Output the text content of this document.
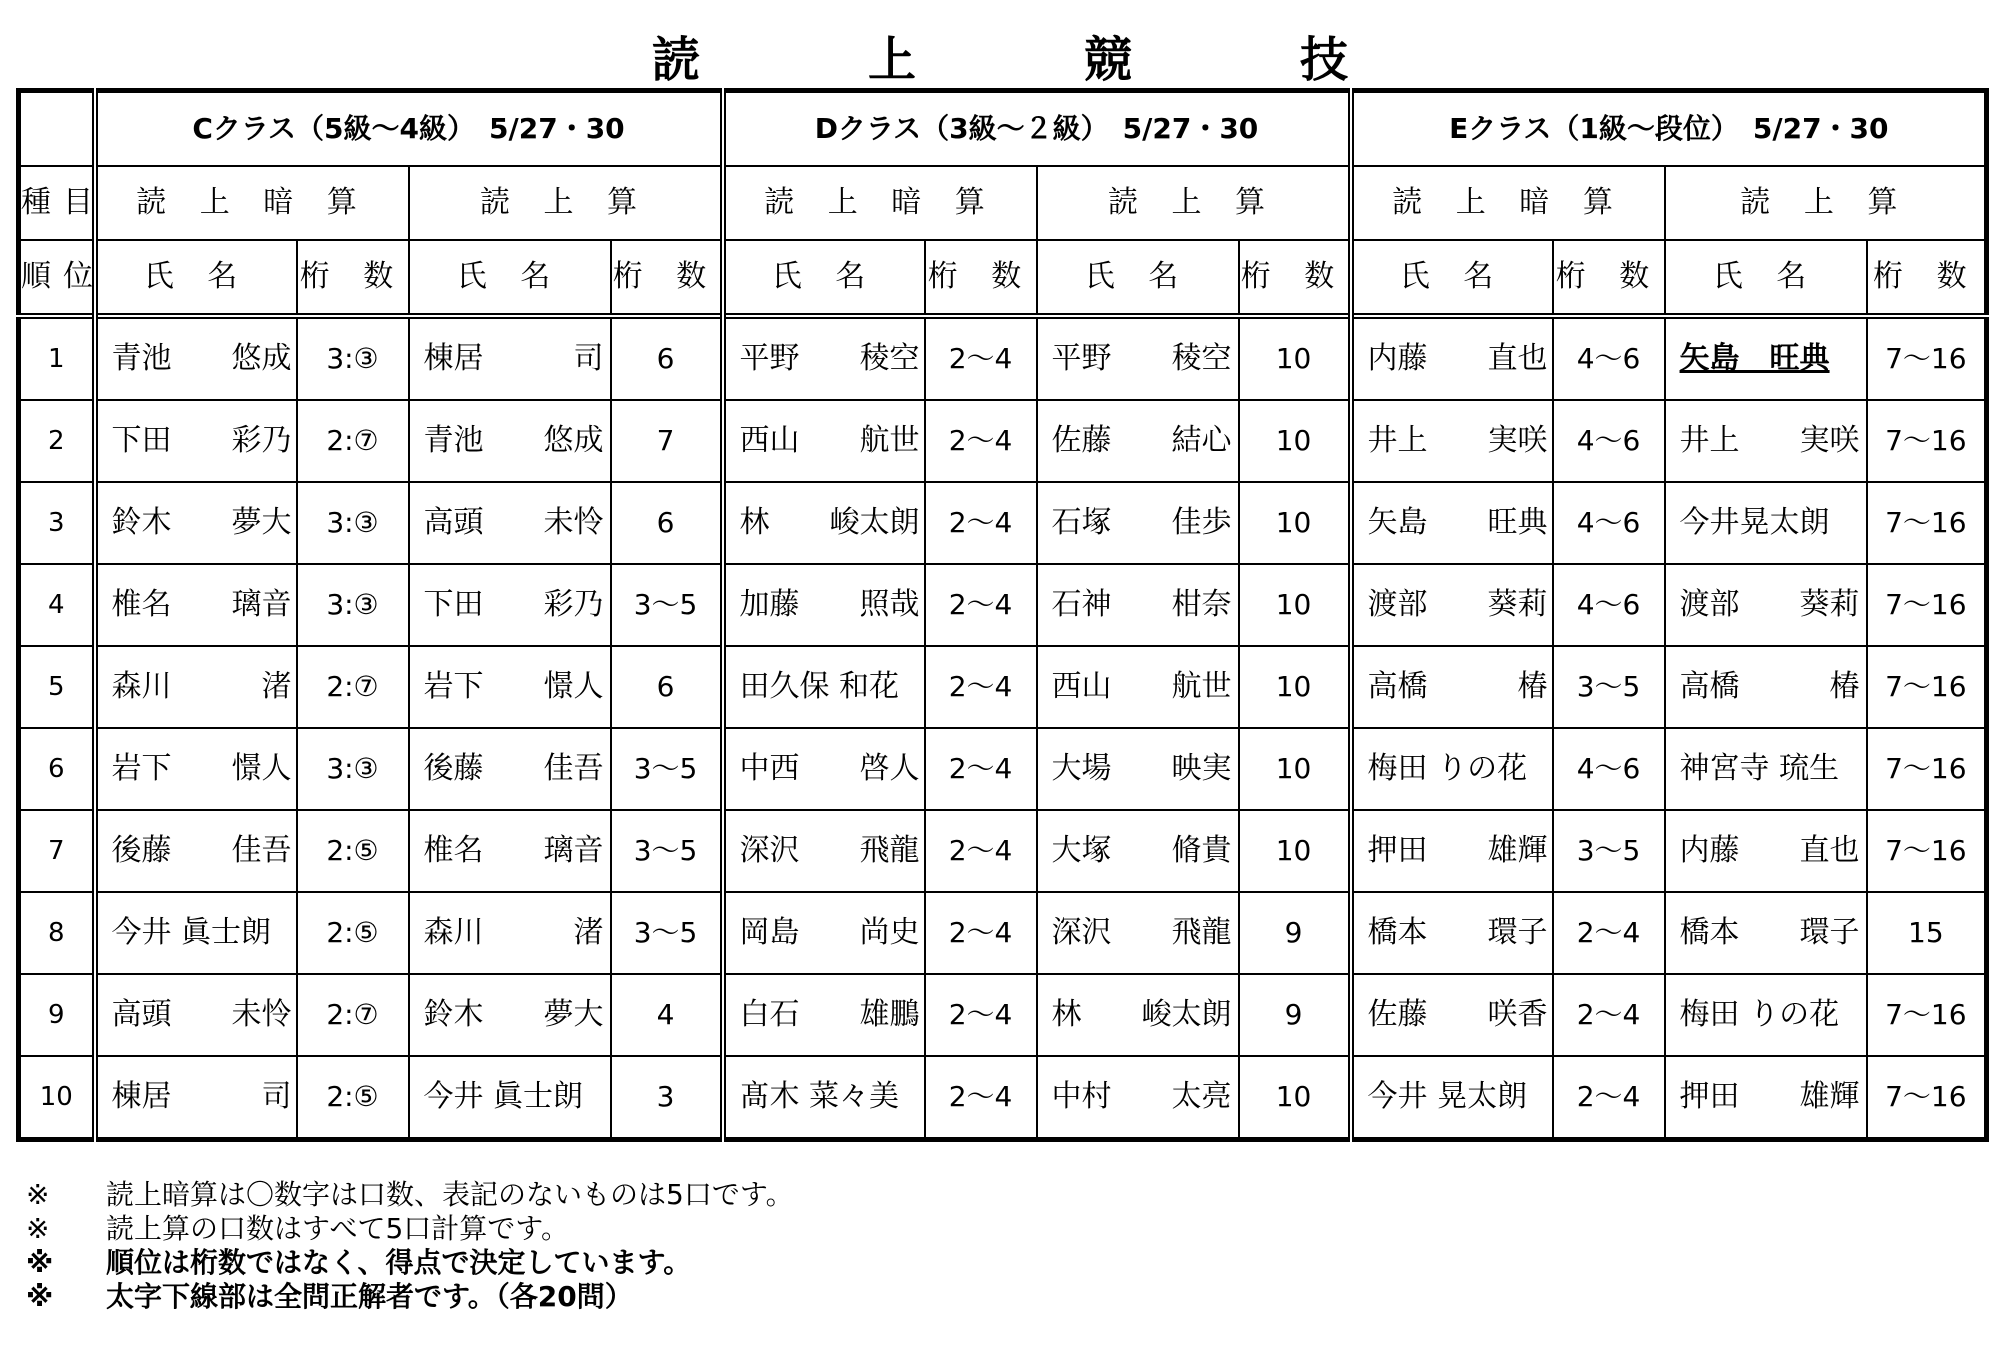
読　上　競　技
	Cクラス（5級～4級）　5/27・30				Dクラス（3級～２級）　5/27・30				Eクラス（1級～段位）　5/27・30			
種目	読 上 暗 算		読 上 算		読 上 暗 算		読 上 算		読 上 暗 算		読 上 算	
順位	氏 名	桁 数	氏 名	桁 数	氏 名	桁 数	氏 名	桁 数	氏 名	桁 数	氏 名	桁 数
1	青池　　悠成	3:③	棟居　　　司	6	平野　　稜空	2～4	平野　　稜空	10	内藤　　直也	4～6	矢島　旺典	7～16
2	下田　　彩乃	2:⑦	青池　　悠成	7	西山　　航世	2～4	佐藤　　結心	10	井上　　実咲	4～6	井上　　実咲	7～16
3	鈴木　　夢大	3:③	高頭　　未怜	6	林　　峻太朗	2～4	石塚　　佳歩	10	矢島　　旺典	4～6	今井晃太朗	7～16
4	椎名　　璃音	3:③	下田　　彩乃	3～5	加藤　　照哉	2～4	石神　　柑奈	10	渡部　　葵莉	4～6	渡部　　葵莉	7～16
5	森川　　　渚	2:⑦	岩下　　憬人	6	田久保 和花	2～4	西山　　航世	10	高橋　　　椿	3～5	高橋　　　椿	7～16
6	岩下　　憬人	3:③	後藤　　佳吾	3～5	中西　　啓人	2～4	大場　　映実	10	梅田 りの花	4～6	神宮寺 琉生	7～16
7	後藤　　佳吾	2:⑤	椎名　　璃音	3～5	深沢　　飛龍	2～4	大塚　　脩貴	10	押田　　雄輝	3～5	内藤　　直也	7～16
8	今井 眞士朗	2:⑤	森川　　　渚	3～5	岡島　　尚史	2～4	深沢　　飛龍	9	橋本　　環子	2～4	橋本　　環子	15
9	高頭　　未怜	2:⑦	鈴木　　夢大	4	白石　　雄鵬	2～4	林　　峻太朗	9	佐藤　　咲香	2～4	梅田 りの花	7～16
10	棟居　　　司	2:⑤	今井 眞士朗	3	髙木 菜々美	2～4	中村　　太亮	10	今井 晃太朗	2～4	押田　　雄輝	7～16
※	読上暗算は〇数字は口数、表記のないものは5口です。
※	読上算の口数はすべて5口計算です。
※	順位は桁数ではなく、得点で決定しています。
※	太字下線部は全問正解者です。（各20問）
